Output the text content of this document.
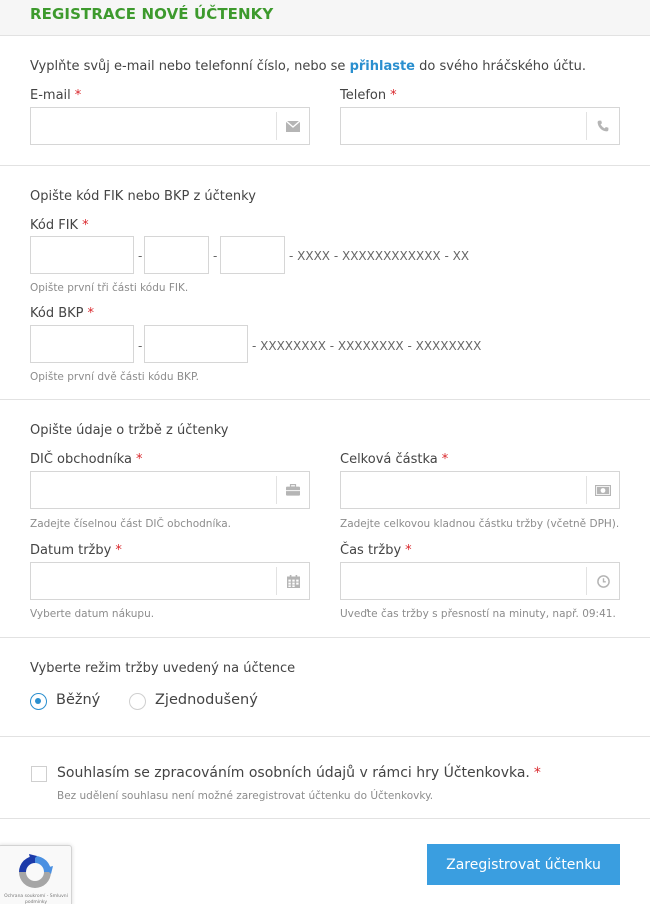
REGISTRACE NOVÉ ÚČTENKY
Vyplňte svůj e-mail nebo telefonní číslo, nebo se přihlaste do svého hráčského účtu.
E-mail *	Telefon *
Opište kód FIK nebo BKP z účtenky
Kód FIK *
-	-	- XXXX - XXXXXXXXXXXX - XX
Opište první tři části kódu FIK.
Kód BKP *
-	- XXXXXXXX - XXXXXXXX - XXXXXXXX
Opište první dvě části kódu BKP.
Opište údaje o tržbě z účtenky
DIČ obchodníka *
Zadejte číselnou část DIČ obchodníka.
Celková částka *
Zadejte celkovou kladnou částku tržby (včetně DPH).
Datum tržby *
Vyberte datum nákupu.
Čas tržby *
Uveďte čas tržby s přesností na minuty, např. 09:41.
Vyberte režim tržby uvedený na účtence
Běžný	Zjednodušený
Souhlasím se zpracováním osobních údajů v rámci hry Účtenkovka. *
Bez udělení souhlasu není možné zaregistrovat účtenku do Účtenkovky.
Ochrana soukromí - Smluvní podmínky
Zaregistrovat účtenku
